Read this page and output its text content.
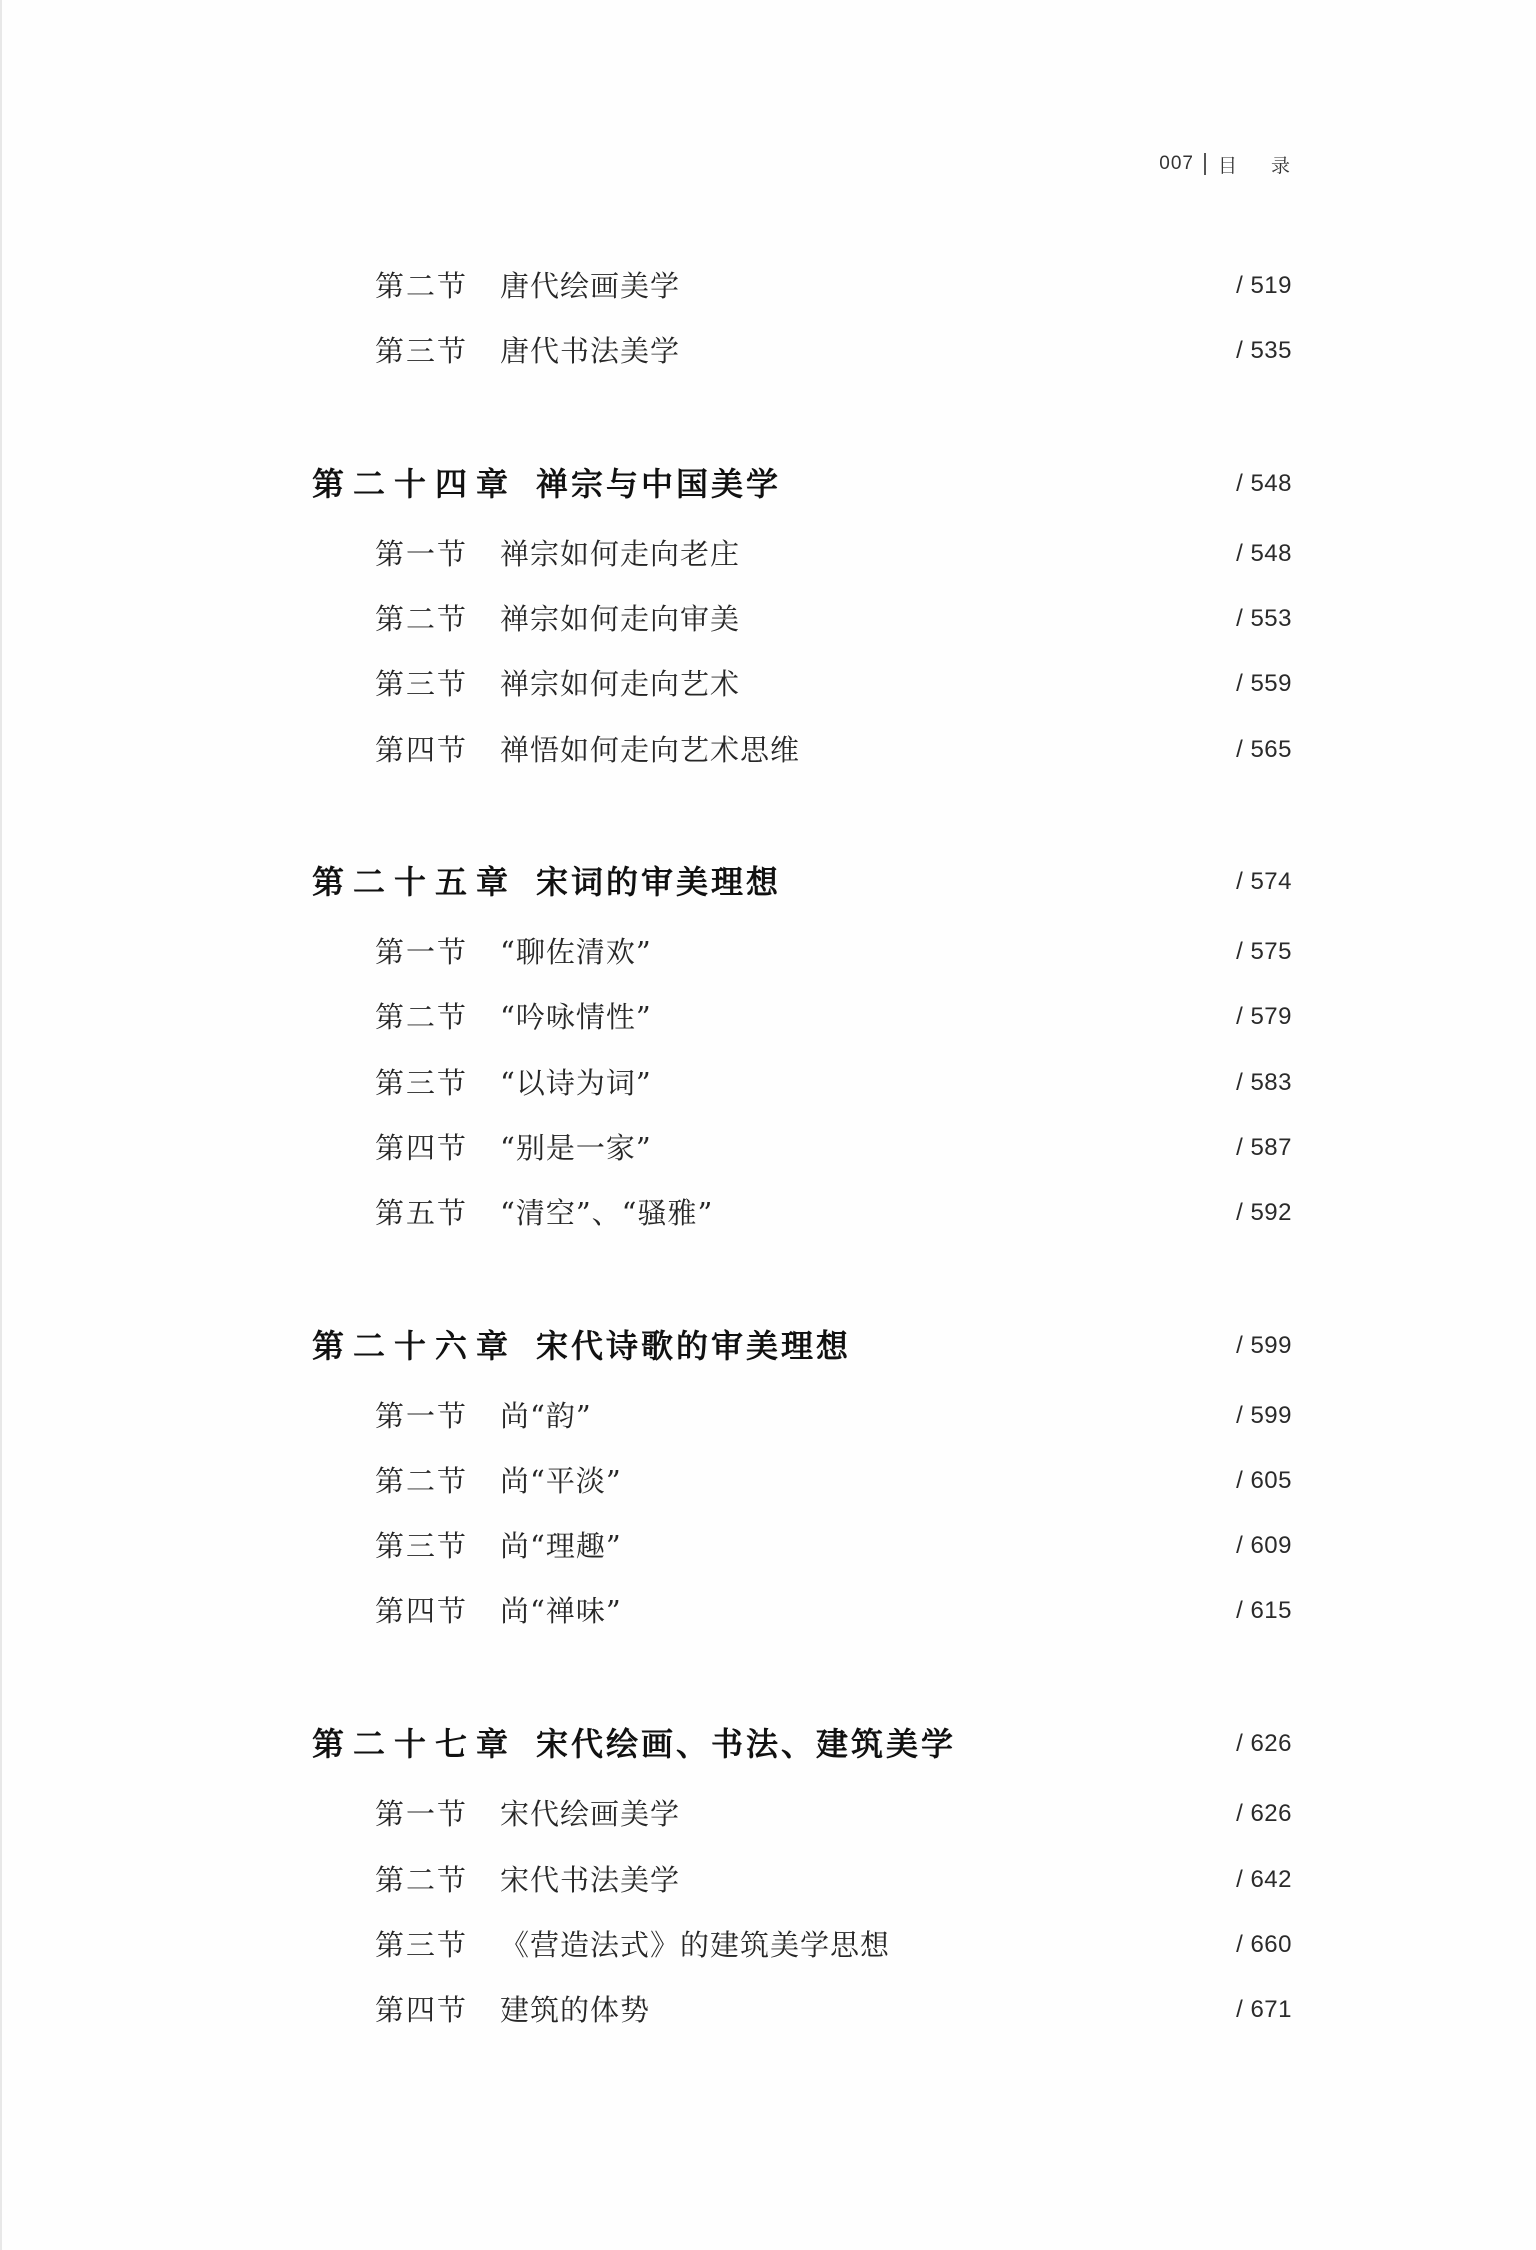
007 目 录
第二节 唐代绘画美学	/ 519
第三节 唐代书法美学	/ 535
第二十四章 禅宗与中国美学	/ 548
第一节 禅宗如何走向老庄	/ 548
第二节 禅宗如何走向审美	/ 553
第三节 禅宗如何走向艺术	/ 559
第四节 禅悟如何走向艺术思维	/ 565
第二十五章 宋词的审美理想	/ 574
第一节 “聊佐清欢”	/ 575
第二节 “吟咏情性”	/ 579
第三节 “以诗为词”	/ 583
第四节 “别是一家”	/ 587
第五节 “清空”、“骚雅”	/ 592
第二十六章 宋代诗歌的审美理想	/ 599
第一节 尚“韵”	/ 599
第二节 尚“平淡”	/ 605
第三节 尚“理趣”	/ 609
第四节 尚“禅味”	/ 615
第二十七章 宋代绘画、书法、建筑美学	/ 626
第一节 宋代绘画美学	/ 626
第二节 宋代书法美学	/ 642
第三节 《营造法式》的建筑美学思想	/ 660
第四节 建筑的体势	/ 671
